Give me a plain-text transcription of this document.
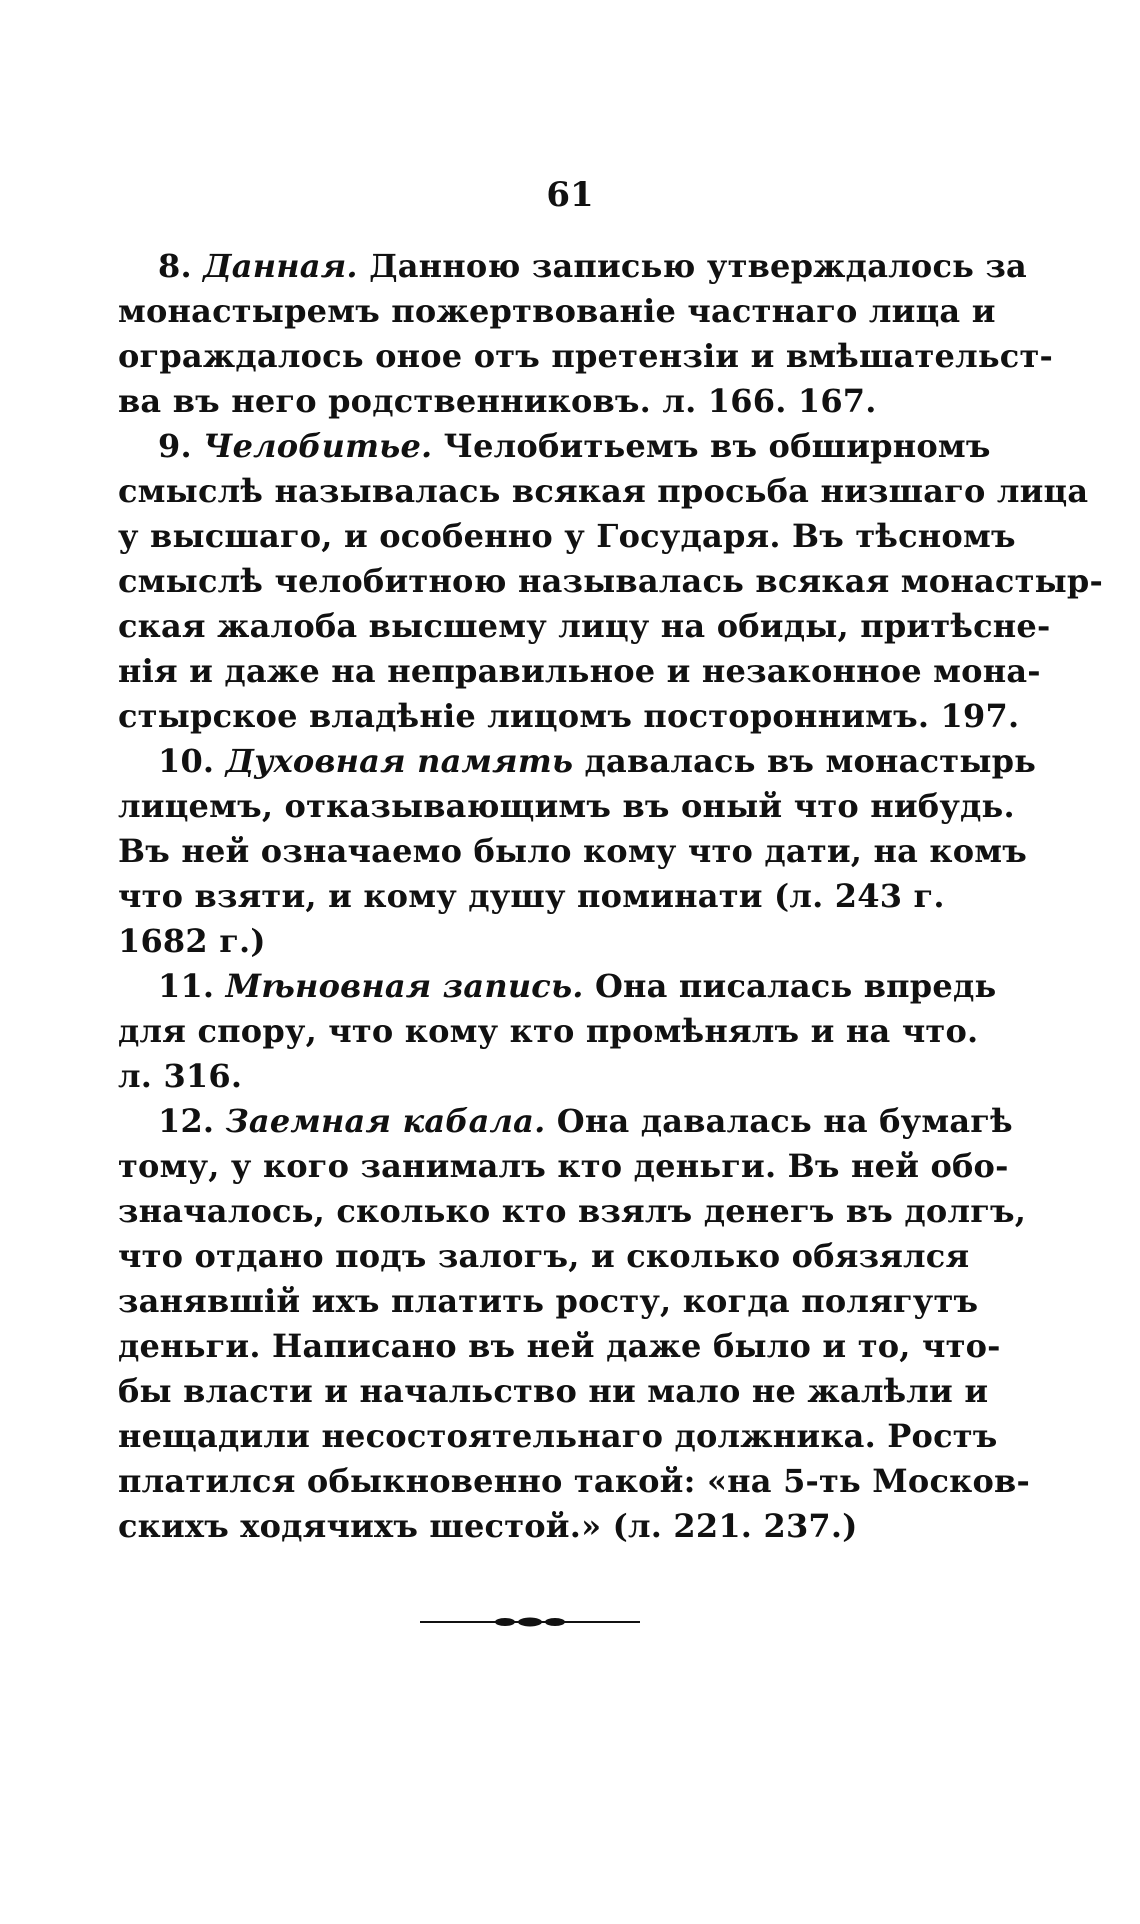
61
8. Данная. Данною записью утверждалось за
монастыремъ пожертвованіе частнаго лица и
ограждалось оное отъ претензіи и вмѣшательст-
ва въ него родственниковъ. л. 166. 167.
9. Челобитье. Челобитьемъ въ обширномъ
смыслѣ называлась всякая просьба низшаго лица
у высшаго, и особенно у Государя. Въ тѣсномъ
смыслѣ челобитною называлась всякая монастыр-
ская жалоба высшему лицу на обиды, притѣсне-
нія и даже на неправильное и незаконное мона-
стырское владѣніе лицомъ постороннимъ. 197.
10. Духовная память давалась въ монастырь
лицемъ, отказывающимъ въ оный что нибудь.
Въ ней означаемо было кому что дати, на комъ
что взяти, и кому душу поминати (л. 243 г.
1682 г.)
11. Мѣновная запись. Она писалась впредь
для спору, что кому кто промѣнялъ и на что.
л. 316.
12. Заемная кабала. Она давалась на бумагѣ
тому, у кого занималъ кто деньги. Въ ней обо-
значалось, сколько кто взялъ денегъ въ долгъ,
что отдано подъ залогъ, и сколько обязялся
занявшій ихъ платить росту, когда полягутъ
деньги. Написано въ ней даже было и то, что-
бы власти и начальство ни мало не жалѣли и
нещадили несостоятельнаго должника. Ростъ
платился обыкновенно такой: «на 5-ть Москов-
скихъ ходячихъ шестой.» (л. 221. 237.)
